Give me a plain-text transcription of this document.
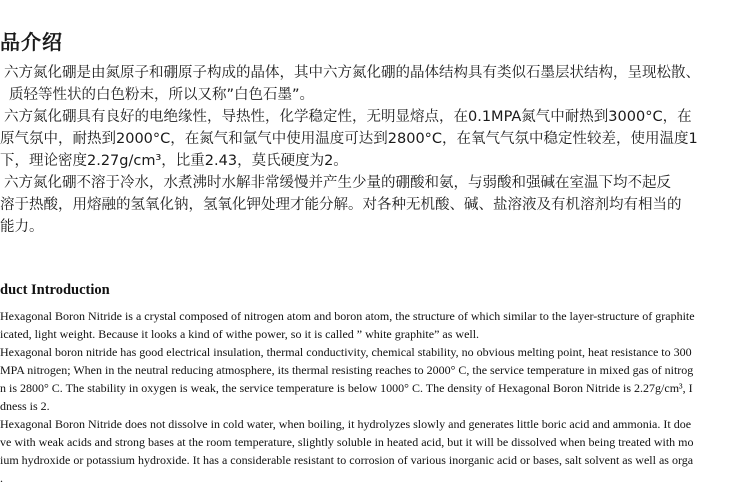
品介绍

六方氮化硼是由氮原子和硼原子构成的晶体，其中六方氮化硼的晶体结构具有类似石墨层状结构，呈现松散、

质轻等性状的白色粉末，所以又称”白色石墨”。

六方氮化硼具有良好的电绝缘性，导热性，化学稳定性，无明显熔点，在0.1MPA氮气中耐热到3000°C，在

原气氛中，耐热到2000°C，在氮气和氩气中使用温度可达到2800°C，在氧气气氛中稳定性较差，使用温度1

下，理论密度2.27g/cm³，比重2.43，莫氏硬度为2。

六方氮化硼不溶于冷水，水煮沸时水解非常缓慢并产生少量的硼酸和氨，与弱酸和强碱在室温下均不起反

溶于热酸，用熔融的氢氧化钠，氢氧化钾处理才能分解。对各种无机酸、碱、盐溶液及有机溶剂均有相当的

能力。

duct Introduction

Hexagonal Boron Nitride is a crystal composed of nitrogen atom and boron atom, the structure of which similar to the layer-structure of graphite

icated, light weight. Because it looks a kind of withe power, so it is called ” white graphite” as well.

Hexagonal boron nitride has good electrical insulation, thermal conductivity, chemical stability, no obvious melting point, heat resistance to 300

MPA nitrogen; When in the neutral reducing atmosphere, its thermal resisting reaches to 2000° C, the service temperature in mixed gas of nitrog

n is 2800° C. The stability in oxygen is weak, the service temperature is below 1000° C. The density of Hexagonal Boron Nitride is 2.27g/cm³, I

dness is 2.

Hexagonal Boron Nitride does not dissolve in cold water, when boiling, it hydrolyzes slowly and generates little boric acid and ammonia. It doe

ve with weak acids and strong bases at the room temperature, slightly soluble in heated acid, but it will be dissolved when being treated with mo

ium hydroxide or potassium hydroxide. It has a considerable resistant to corrosion of various inorganic acid or bases, salt solvent as well as orga

.
